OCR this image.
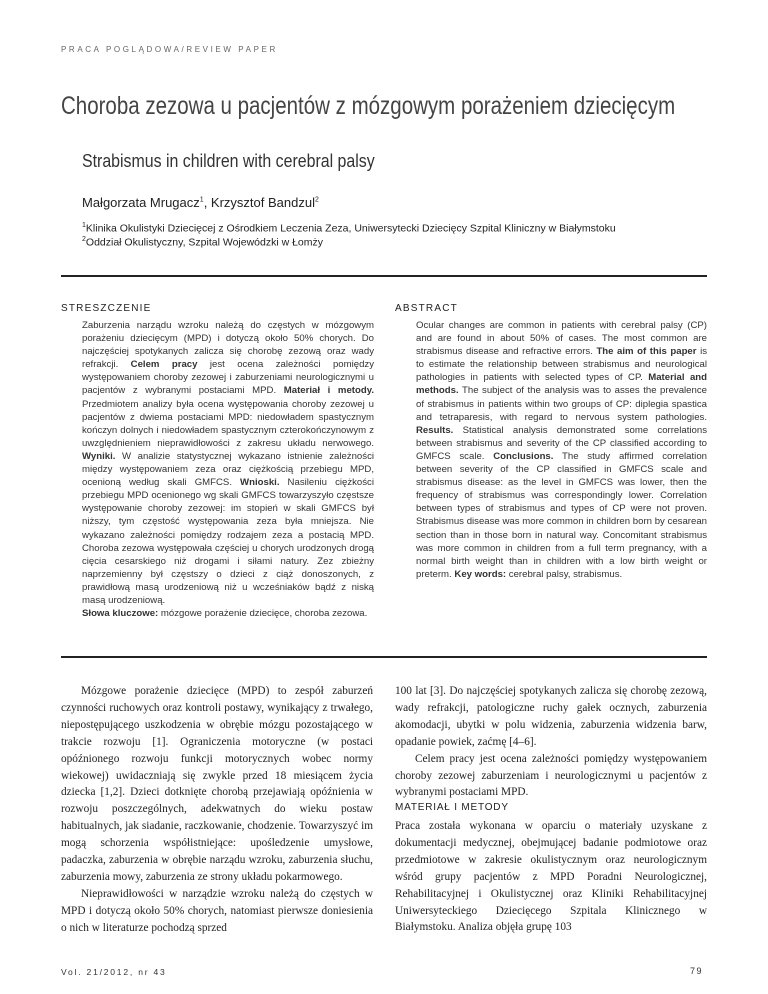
PRACA POGLĄDOWA/REVIEW PAPER
Choroba zezowa u pacjentów z mózgowym porażeniem dziecięcym
Strabismus in children with cerebral palsy
Małgorzata Mrugacz$^1$, Krzysztof Bandzul$^2$
$^1$Klinika Okulistyki Dziecięcej z Ośrodkiem Leczenia Zeza, Uniwersytecki Dziecięcy Szpital Kliniczny w Białymstoku
$^2$Oddział Okulistyczny, Szpital Wojewódzki w Łomży
STRESZCZENIE
Zaburzenia narządu wzroku należą do częstych w mózgowym porażeniu dziecięcym (MPD) i dotyczą około 50% chorych. Do najczęściej spotykanych zalicza się chorobę zezową oraz wady refrakcji. Celem pracy jest ocena zależności pomiędzy występowaniem choroby zezowej i zaburzeniami neurologicznymi u pacjentów z wybranymi postaciami MPD. Materiał i metody. Przedmiotem analizy była ocena występowania choroby zezowej u pacjentów z dwiema postaciami MPD: niedowładem spastycznym kończyn dolnych i niedowładem spastycznym czterokończynowym z uwzględnieniem nieprawidłowości z zakresu układu nerwowego. Wyniki. W analizie statystycznej wykazano istnienie zależności między występowaniem zeza oraz ciężkością przebiegu MPD, ocenioną według skali GMFCS. Wnioski. Nasileniu ciężkości przebiegu MPD ocenionego wg skali GMFCS towarzyszyło częstsze występowanie choroby zezowej: im stopień w skali GMFCS był niższy, tym częstość występowania zeza była mniejsza. Nie wykazano zależności pomiędzy rodzajem zeza a postacią MPD. Choroba zezowa występowała częściej u chorych urodzonych drogą cięcia cesarskiego niż drogami i siłami natury. Zez zbieżny naprzemienny był częstszy o dzieci z ciąż donoszonych, z prawidłową masą urodzeniową niż u wcześniaków bądź z niską masą urodzeniową.
Słowa kluczowe: mózgowe porażenie dziecięce, choroba zezowa.
ABSTRACT
Ocular changes are common in patients with cerebral palsy (CP) and are found in about 50% of cases. The most common are strabismus disease and refractive errors. The aim of this paper is to estimate the relationship between strabismus and neurological pathologies in patients with selected types of CP. Material and methods. The subject of the analysis was to asses the prevalence of strabismus in patients within two groups of CP: diplegia spastica and tetraparesis, with regard to nervous system pathologies. Results. Statistical analysis demonstrated some correlations between strabismus and severity of the CP classified according to GMFCS scale. Conclusions. The study affirmed correlation between severity of the CP classified in GMFCS scale and strabismus disease: as the level in GMFCS was lower, then the frequency of strabismus was correspondingly lower. Correlation between types of strabismus and types of CP were not proven. Strabismus disease was more common in children born by cesarean section than in those born in natural way. Concomitant strabismus was more common in children from a full term pregnancy, with a normal birth weight than in children with a low birth weight or preterm. Key words: cerebral palsy, strabismus.

Mózgowe porażenie dziecięce (MPD) to zespół zaburzeń czynności ruchowych oraz kontroli postawy, wynikający z trwałego, niepostępującego uszkodzenia w obrębie mózgu pozostającego w trakcie rozwoju [1]. Ograniczenia motoryczne (w postaci opóźnionego rozwoju funkcji motorycznych wobec normy wiekowej) uwidaczniają się zwykle przed 18 miesiącem życia dziecka [1,2]. Dzieci dotknięte chorobą przejawiają opóźnienia w rozwoju poszczególnych, adekwatnych do wieku postaw habitualnych, jak siadanie, raczkowanie, chodzenie. Towarzyszyć im mogą schorzenia współistniejące: upośledzenie umysłowe, padaczka, zaburzenia w obrębie narządu wzroku, zaburzenia słuchu, zaburzenia mowy, zaburzenia ze strony układu pokarmowego.

Nieprawidłowości w narządzie wzroku należą do częstych w MPD i dotyczą około 50% chorych, natomiast pierwsze doniesienia o nich w literaturze pochodzą sprzed

100 lat [3]. Do najczęściej spotykanych zalicza się chorobę zezową, wady refrakcji, patologiczne ruchy gałek ocznych, zaburzenia akomodacji, ubytki w polu widzenia, zaburzenia widzenia barw, opadanie powiek, zaćmę [4–6].

Celem pracy jest ocena zależności pomiędzy występowaniem choroby zezowej zaburzeniam i neurologicznymi u pacjentów z wybranymi postaciami MPD.

MATERIAŁ I METODY

Praca została wykonana w oparciu o materiały uzyskane z dokumentacji medycznej, obejmującej badanie podmiotowe oraz przedmiotowe w zakresie okulistycznym oraz neurologicznym wśród grupy pacjentów z MPD Poradni Neurologicznej, Rehabilitacyjnej i Okulistycznej oraz Kliniki Rehabilitacyjnej Uniwersyteckiego Dziecięcego Szpitala Klinicznego w Białymstoku. Analiza objęła grupę 103

Vol. 21/2012, nr 43	79
